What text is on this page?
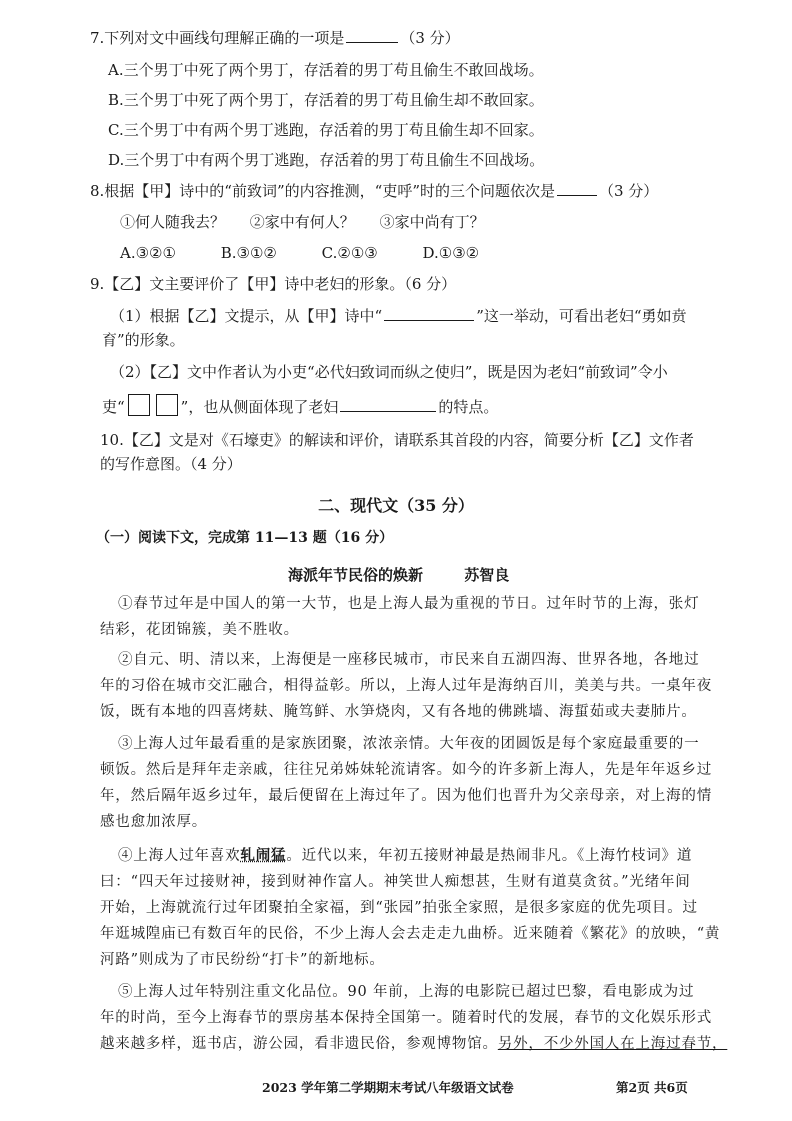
7.下列对文中画线句理解正确的一项是	（3 分）
A.三个男丁中死了两个男丁，存活着的男丁苟且偷生不敢回战场。
B.三个男丁中死了两个男丁，存活着的男丁苟且偷生却不敢回家。
C.三个男丁中有两个男丁逃跑，存活着的男丁苟且偷生却不回家。
D.三个男丁中有两个男丁逃跑，存活着的男丁苟且偷生不回战场。
8.根据【甲】诗中的“前致词”的内容推测，“吏呼”时的三个问题依次是	（3 分）
①何人随我去？ ②家中有何人？ ③家中尚有丁？
A.③②①	B.③①②	C.②①③	D.①③②
9.【乙】文主要评价了【甲】诗中老妇的形象。（6 分）
（1）根据【乙】文提示，从【甲】诗中“	”这一举动，可看出老妇“勇如贲
育”的形象。
（2）【乙】文中作者认为小吏“必代妇致词而纵之使归”，既是因为老妇“前致词”令小
吏“	”，也从侧面体现了老妇	的特点。
10.【乙】文是对《石壕吏》的解读和评价，请联系其首段的内容，简要分析【乙】文作者
的写作意图。（4 分）
二、现代文（35 分）
（一）阅读下文，完成第 11—13 题（16 分）
海派年节民俗的焕新	苏智良
①春节过年是中国人的第一大节，也是上海人最为重视的节日。过年时节的上海，张灯
结彩，花团锦簇，美不胜收。
②自元、明、清以来，上海便是一座移民城市，市民来自五湖四海、世界各地，各地过
年的习俗在城市交汇融合，相得益彰。所以，上海人过年是海纳百川，美美与共。一桌年夜
饭，既有本地的四喜烤麸、腌笃鲜、水笋烧肉，又有各地的佛跳墙、海蜇茹或夫妻肺片。
③上海人过年最看重的是家族团聚，浓浓亲情。大年夜的团圆饭是每个家庭最重要的一
顿饭。然后是拜年走亲戚，往往兄弟姊妹轮流请客。如今的许多新上海人，先是年年返乡过
年，然后隔年返乡过年，最后便留在上海过年了。因为他们也晋升为父亲母亲，对上海的情
感也愈加浓厚。
④上海人过年喜欢轧闹猛。近代以来，年初五接财神最是热闹非凡。《上海竹枝词》道
曰：“四天年过接财神，接到财神作富人。神笑世人痴想甚，生财有道莫贪贫。”光绪年间
开始，上海就流行过年团聚拍全家福，到“张园”拍张全家照，是很多家庭的优先项目。过
年逛城隍庙已有数百年的民俗，不少上海人会去走走九曲桥。近来随着《繁花》的放映，“黄
河路”则成为了市民纷纷“打卡”的新地标。
⑤上海人过年特别注重文化品位。90 年前，上海的电影院已超过巴黎，看电影成为过
年的时尚，至今上海春节的票房基本保持全国第一。随着时代的发展，春节的文化娱乐形式
越来越多样，逛书店，游公园，看非遗民俗，参观博物馆。另外，不少外国人在上海过春节，
2023 学年第二学期期末考试八年级语文试卷	第2页 共6页
